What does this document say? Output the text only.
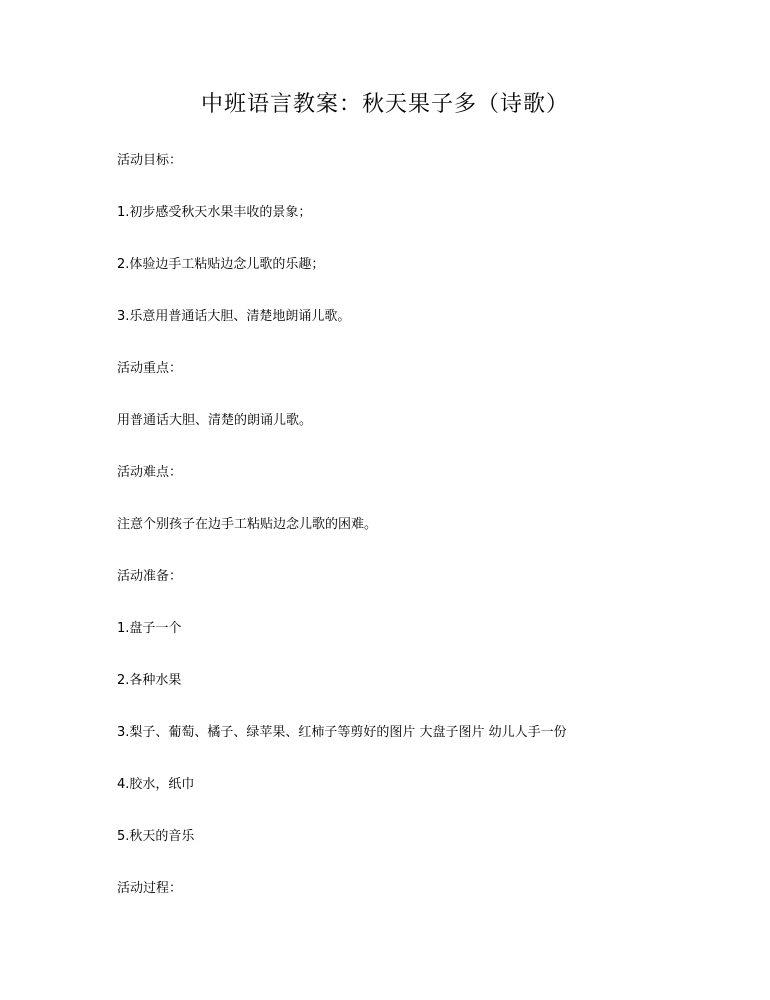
中班语言教案：秋天果子多（诗歌）
活动目标：
1.初步感受秋天水果丰收的景象；
2.体验边手工粘贴边念儿歌的乐趣；
3.乐意用普通话大胆、清楚地朗诵儿歌。
活动重点：
用普通话大胆、清楚的朗诵儿歌。
活动难点：
注意个别孩子在边手工粘贴边念儿歌的困难。
活动准备：
1.盘子一个
2.各种水果
3.梨子、葡萄、橘子、绿苹果、红柿子等剪好的图片 大盘子图片 幼儿人手一份
4.胶水，纸巾
5.秋天的音乐
活动过程：
